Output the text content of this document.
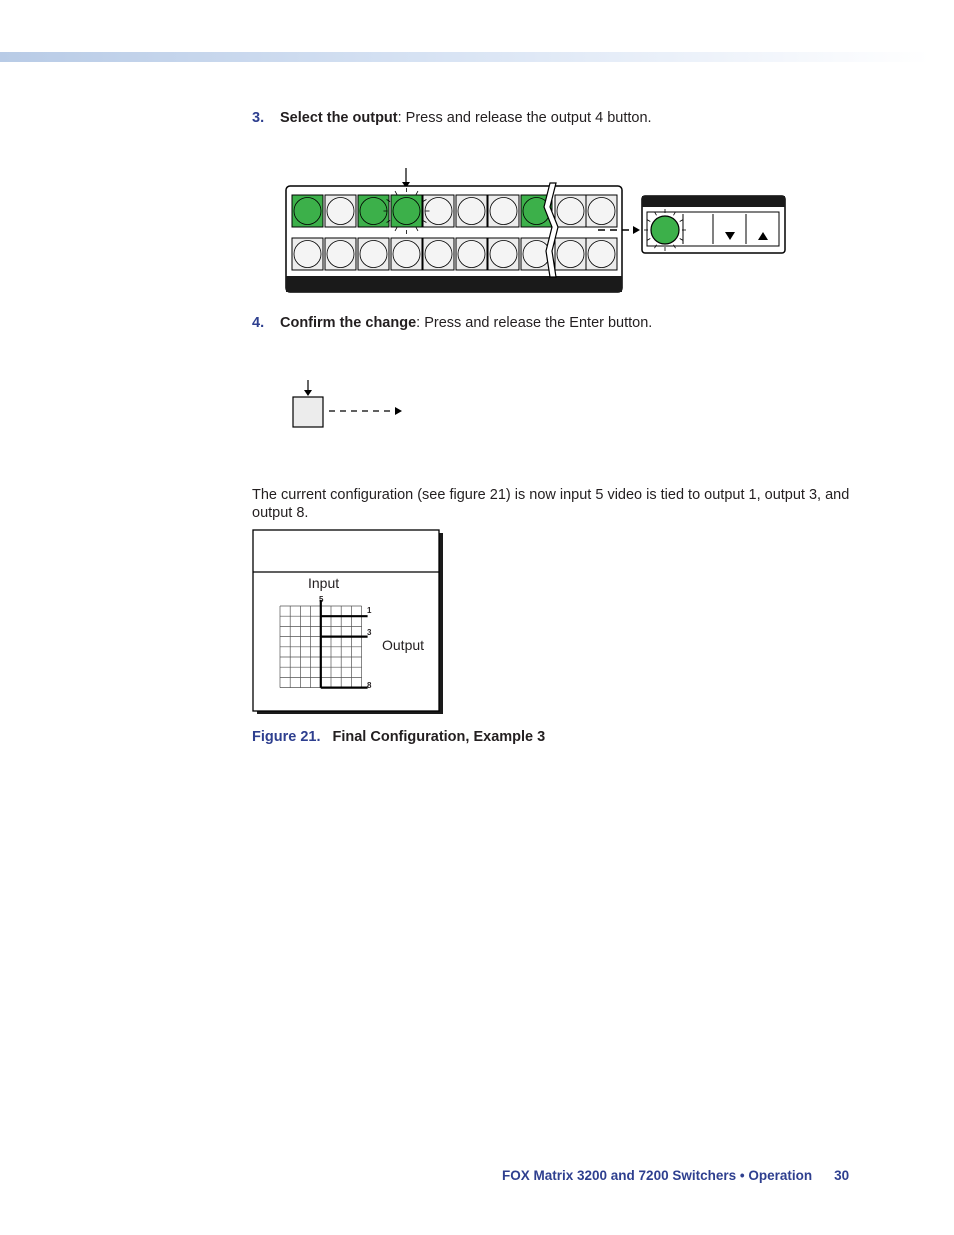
3. Select the output: Press and release the output 4 button.
4. Confirm the change: Press and release the Enter button.
The current configuration (see figure 21) is now input 5 video is tied to output 1, output 3, and output 8.
Input
Output
5
1
3
8
Figure 21. Final Configuration, Example 3
FOX Matrix 3200 and 7200 Switchers • Operation 30
